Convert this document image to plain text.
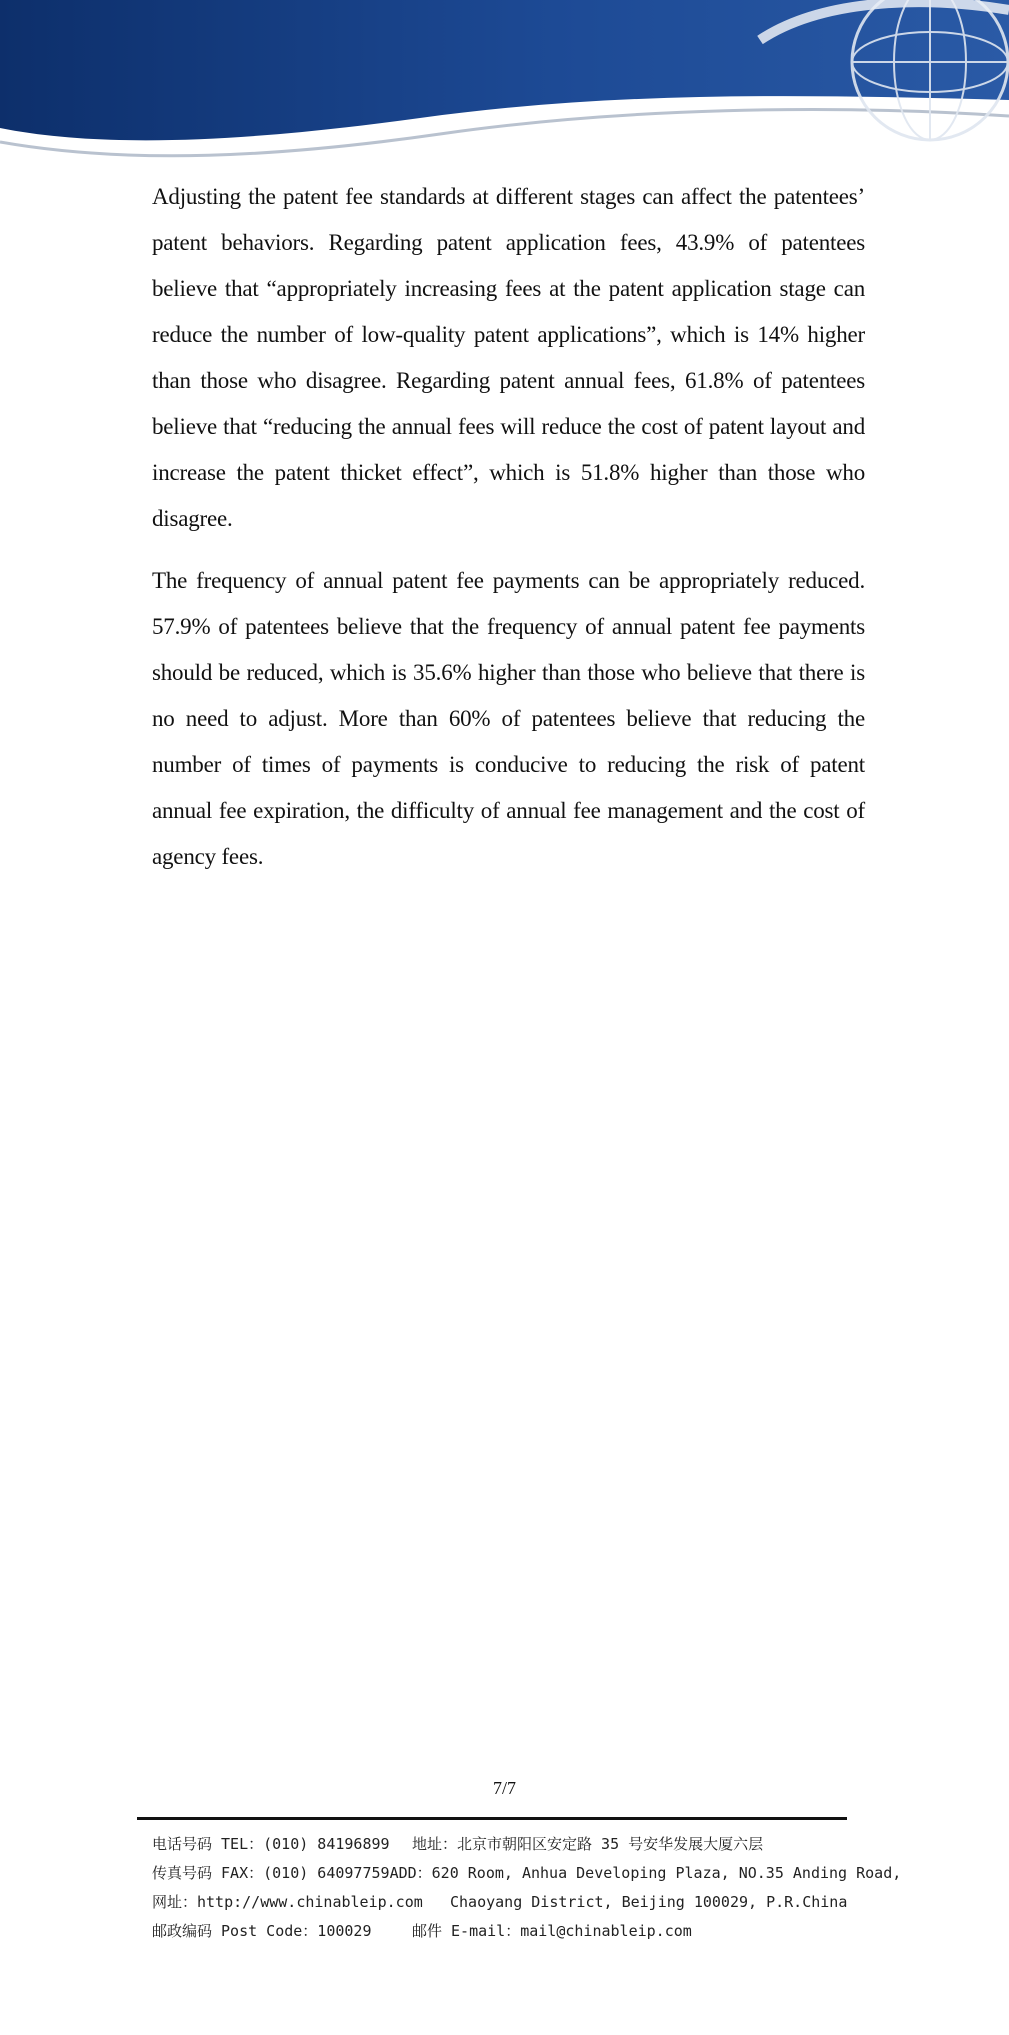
Adjusting the patent fee standards at different stages can affect the patentees’ patent behaviors. Regarding patent application fees, 43.9% of patentees believe that “appropriately increasing fees at the patent application stage can reduce the number of low-quality patent applications”, which is 14% higher than those who disagree. Regarding patent annual fees, 61.8% of patentees believe that “reducing the annual fees will reduce the cost of patent layout and increase the patent thicket effect”, which is 51.8% higher than those who disagree.

The frequency of annual patent fee payments can be appropriately reduced. 57.9% of patentees believe that the frequency of annual patent fee payments should be reduced, which is 35.6% higher than those who believe that there is no need to adjust. More than 60% of patentees believe that reducing the number of times of payments is conducive to reducing the risk of patent annual fee expiration, the difficulty of annual fee management and the cost of agency fees.

7/7
电话号码 TEL：(010) 84196899	地址：北京市朝阳区安定路 35 号安华发展大厦六层
传真号码 FAX：(010) 64097759 ADD：620 Room, Anhua Developing Plaza, NO.35 Anding Road,
网址：http://www.chinableip.com	Chaoyang District, Beijing 100029, P.R.China
邮政编码 Post Code：100029	邮件 E-mail：mail@chinableip.com
